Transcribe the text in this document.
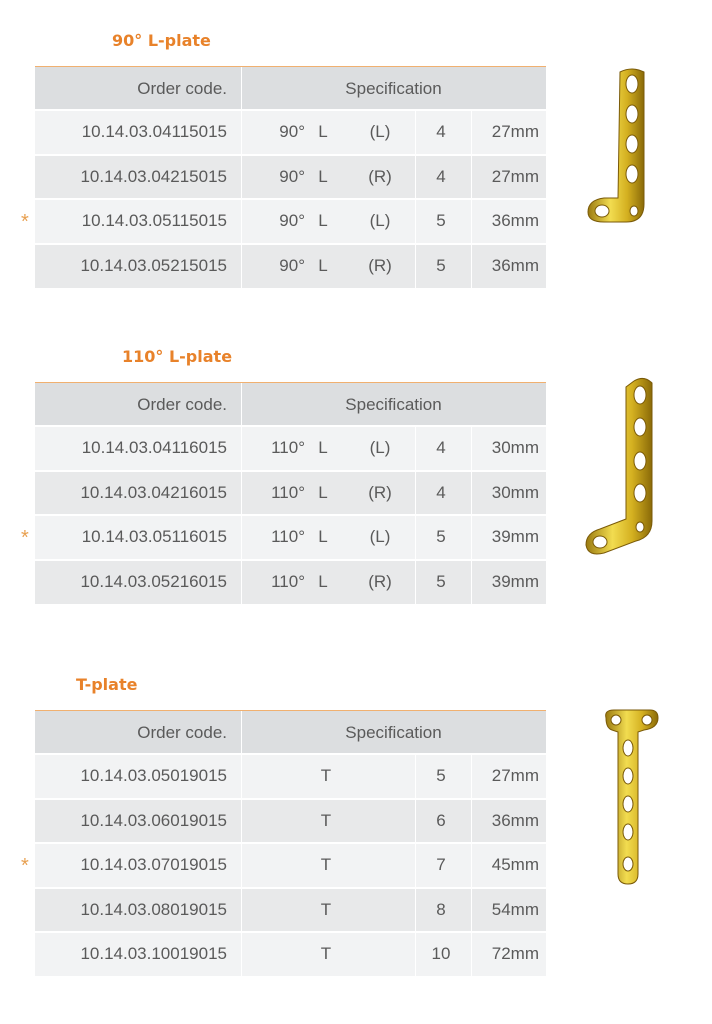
90° L-plate
Order code.	Specification
10.14.03.04115015	90° L	(L)	4	27mm
10.14.03.04215015	90° L	(R)	4	27mm
*	10.14.03.05115015	90° L	(L)	5	36mm
10.14.03.05215015	90° L	(R)	5	36mm
110° L-plate
Order code.	Specification
10.14.03.04116015	110° L	(L)	4	30mm
10.14.03.04216015	110° L	(R)	4	30mm
*	10.14.03.05116015	110° L	(L)	5	39mm
10.14.03.05216015	110° L	(R)	5	39mm
T-plate
Order code.	Specification
10.14.03.05019015	T	5	27mm
10.14.03.06019015	T	6	36mm
*	10.14.03.07019015	T	7	45mm
10.14.03.08019015	T	8	54mm
10.14.03.10019015	T	10	72mm
